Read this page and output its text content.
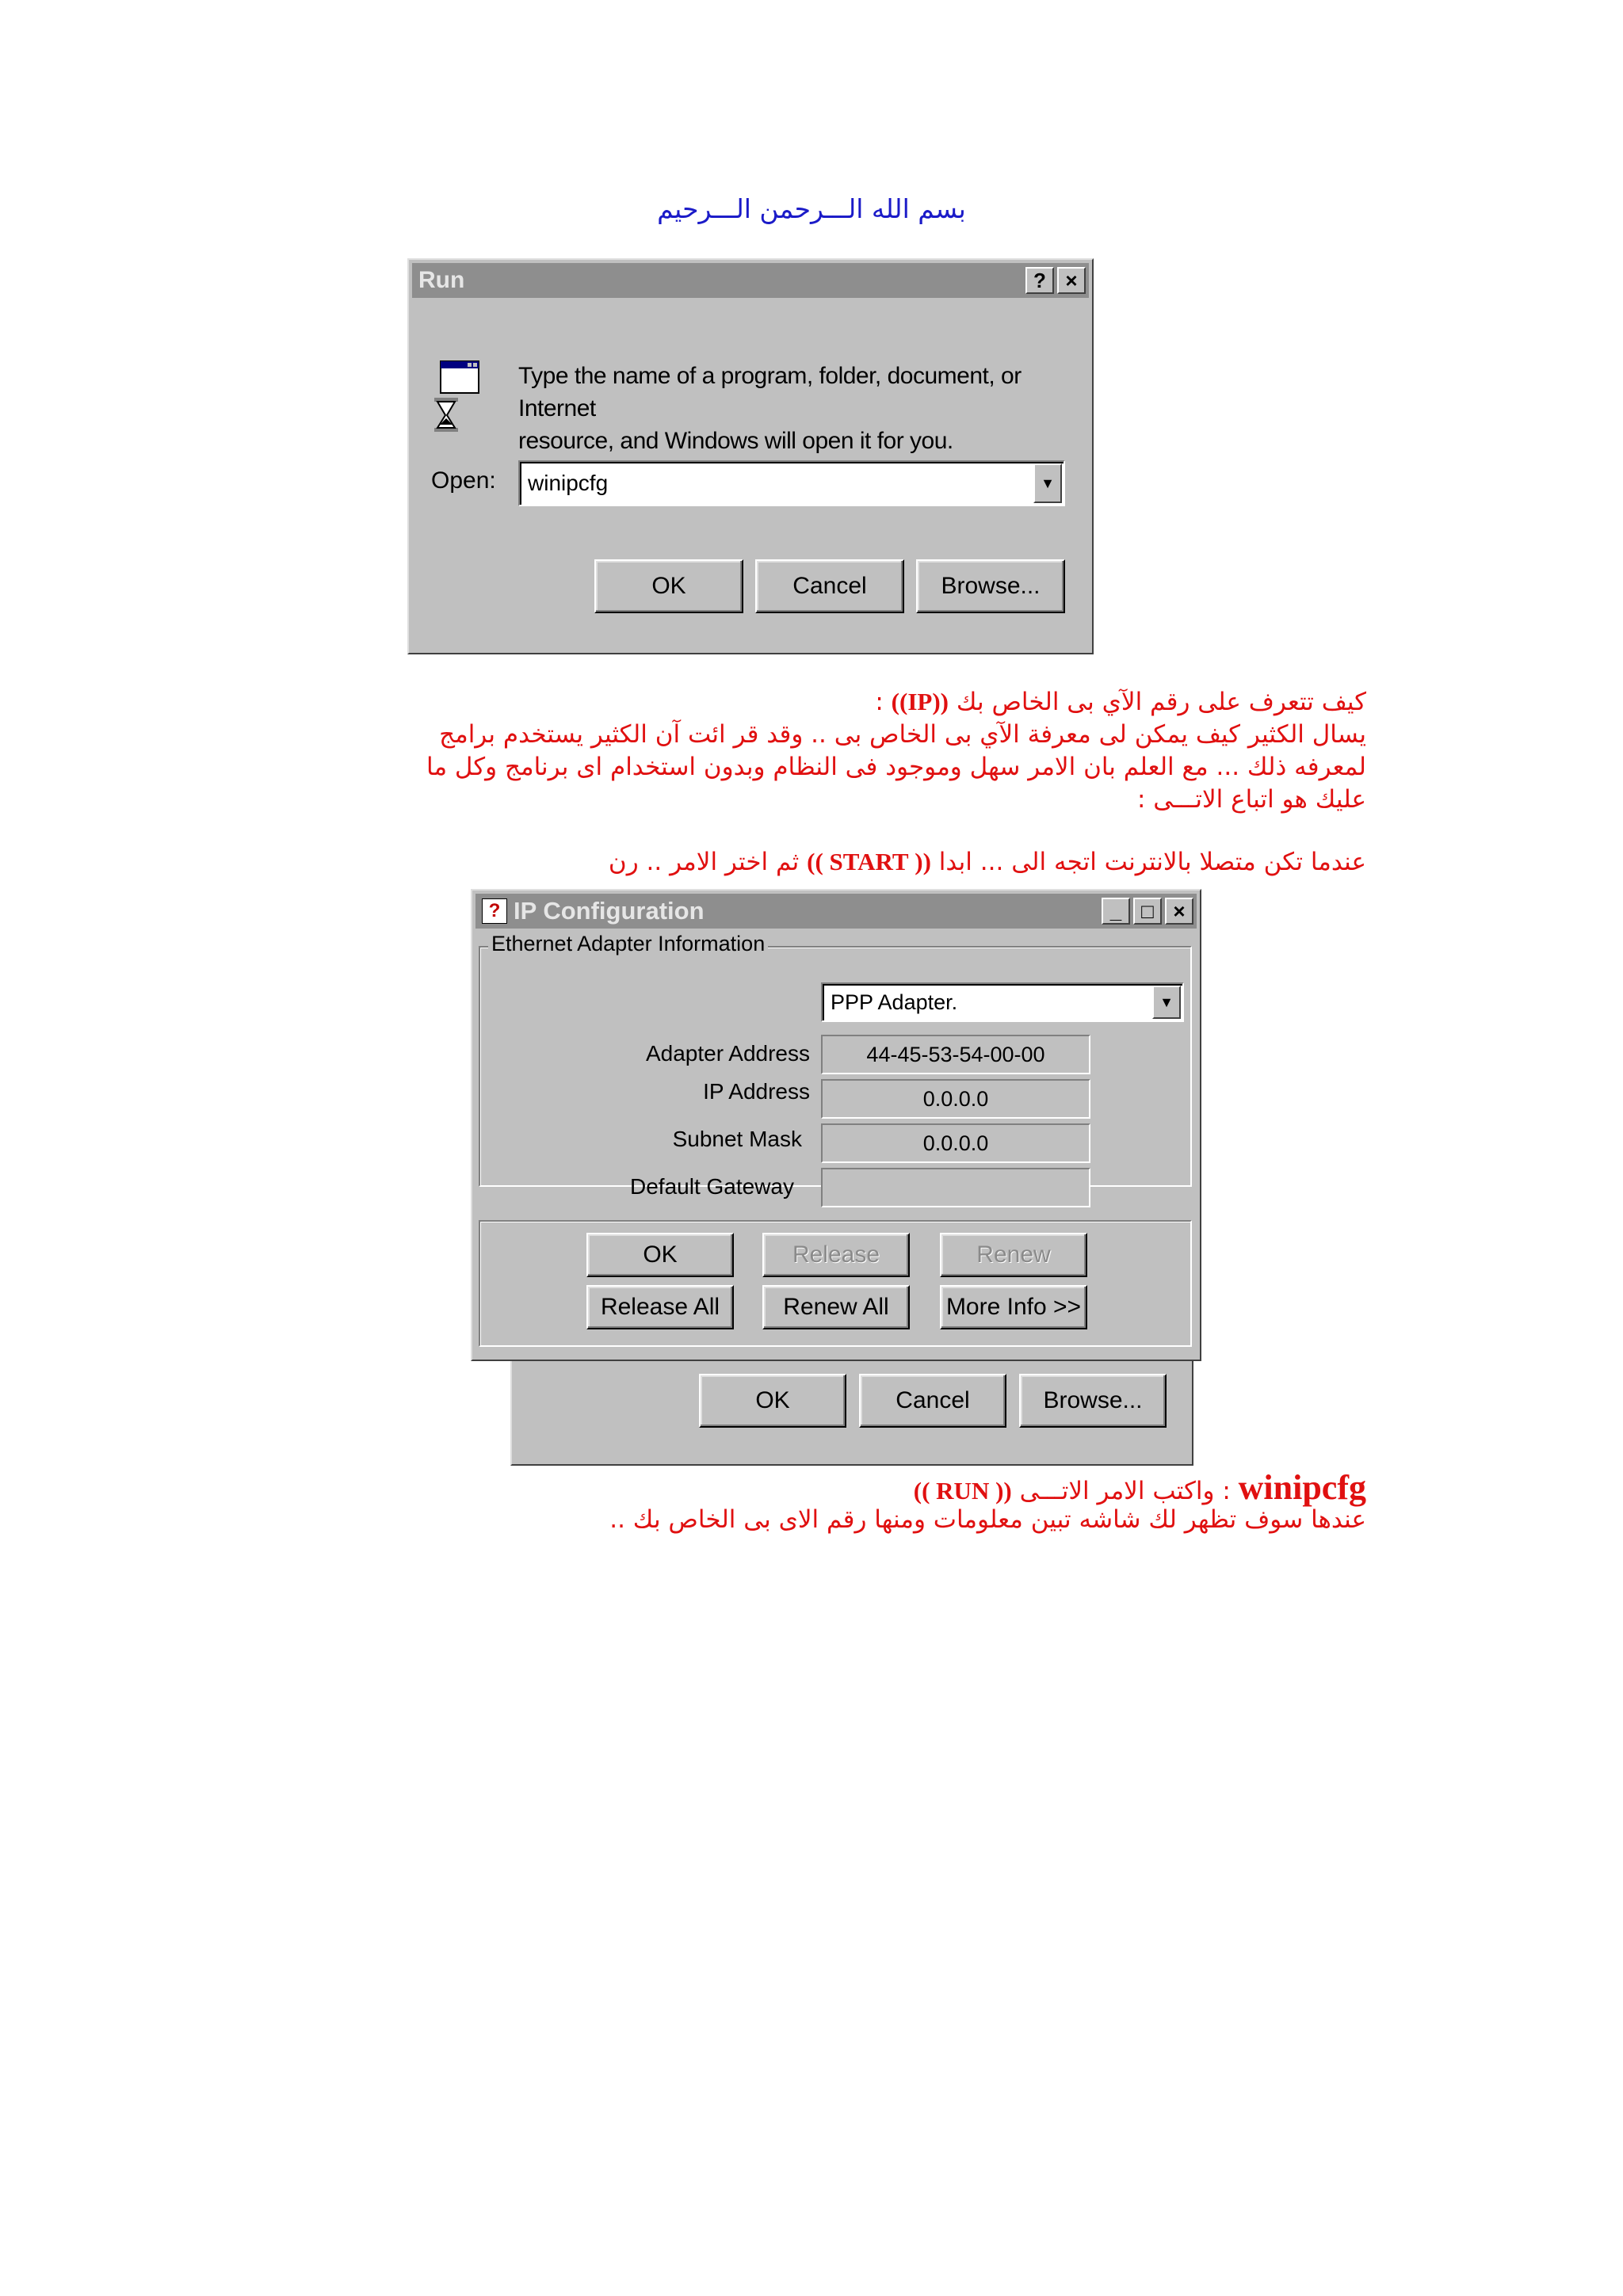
بسم الله الـــرحمن الـــرحيم
Run	? ×
Type the name of a program, folder, document, or Internet
resource, and Windows will open it for you.
Open: winipcfg	▼
OK	Cancel	Browse...
كيف تتعرف على رقم الآي بى الخاص بك ((IP)) :
يسال الكثير كيف يمكن لى معرفة الآي بى الخاص بى .. وقد قر ائت آن الكثير يستخدم برامج
لمعرفه ذلك ... مع العلم بان الامر سهل وموجود فى النظام وبدون استخدام اى برنامج وكل ما
عليك هو اتباع الاتـــى :
عندما تكن متصلا بالانترنت اتجه الى ... ابدا (( START )) ثم اختر الامر .. رن
OK	Cancel	Browse...
? IP Configuration	_ □ ×
Ethernet Adapter Information
PPP Adapter.	▼
Adapter Address	44-45-53-54-00-00
IP Address	0.0.0.0
Subnet Mask	0.0.0.0
Default Gateway
OK	Release	Renew
Release All	Renew All	More Info >>
(( RUN )) واكتب الامر الاتـــى : winipcfg
عندها سوف تظهر لك شاشه تبين معلومات ومنها رقم الاى بى الخاص بك ..
